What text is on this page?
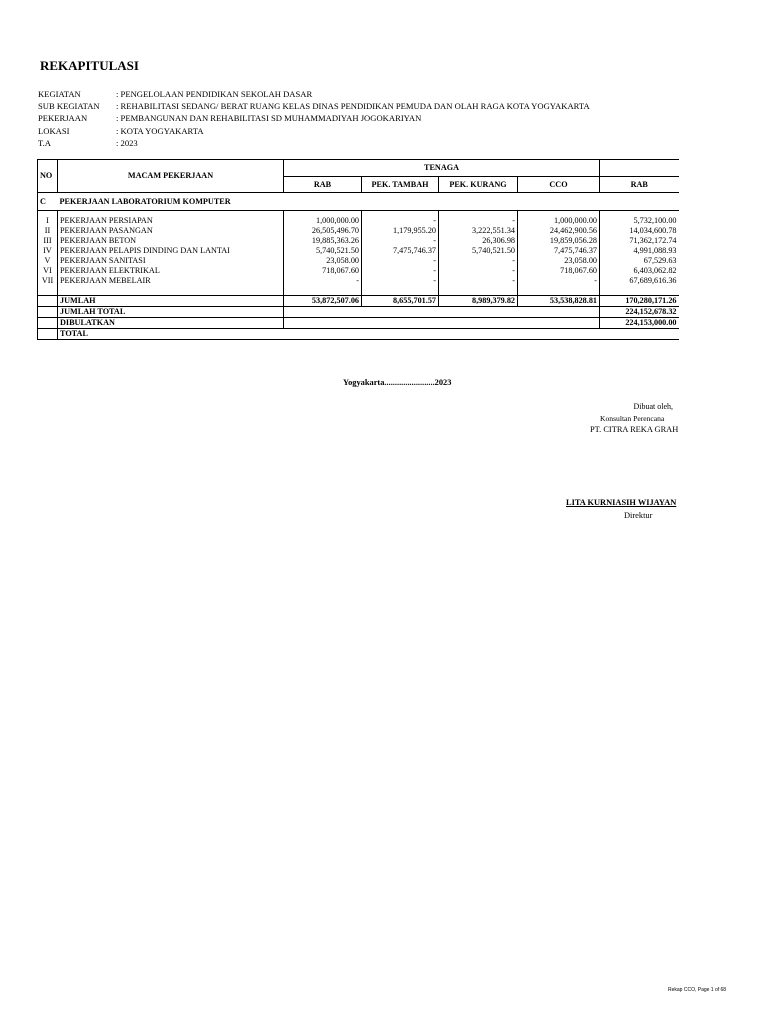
REKAPITULASI
KEGIATAN	: PENGELOLAAN PENDIDIKAN SEKOLAH DASAR
SUB KEGIATAN	: REHABILITASI SEDANG/ BERAT RUANG KELAS DINAS PENDIDIKAN PEMUDA DAN OLAH RAGA KOTA YOGYAKARTA
PEKERJAAN	: PEMBANGUNAN DAN REHABILITASI SD MUHAMMADIYAH JOGOKARIYAN
LOKASI	: KOTA YOGYAKARTA
T.A	: 2023
NO	MACAM PEKERJAAN	TENAGA				
		RAB	PEK. TAMBAH	PEK. KURANG	CCO	RAB
C	PEKERJAAN LABORATORIUM KOMPUTER					

I	PEKERJAAN PERSIAPAN	1,000,000.00	-	-	1,000,000.00	5,732,100.00
II	PEKERJAAN PASANGAN	26,505,496.70	1,179,955.20	3,222,551.34	24,462,900.56	14,034,600.78
III	PEKERJAAN BETON	19,885,363.26	-	26,306.98	19,859,056.28	71,362,172.74
IV	PEKERJAAN PELAPIS DINDING DAN LANTAI	5,740,521.50	7,475,746.37	5,740,521.50	7,475,746.37	4,991,088.93
V	PEKERJAAN SANITASI	23,058.00	-	-	23,058.00	67,529.63
VI	PEKERJAAN ELEKTRIKAL	718,067.60	-	-	718,067.60	6,403,062.82
VII	PEKERJAAN MEBELAIR	-	-	-	-	67,689,616.36

	JUMLAH	53,872,507.06	8,655,701.57	8,989,379.82	53,538,828.81	170,280,171.26
	JUMLAH TOTAL					224,152,678.32
	DIBULATKAN					224,153,000.00
	TOTAL					
Yogyakarta........................2023
Dibuat oleh,
Konsultan Perencana
PT. CITRA REKA GRAH
LITA KURNIASIH WIJAYAN
Direktur
Rekap CCO, Page 1 of 68
